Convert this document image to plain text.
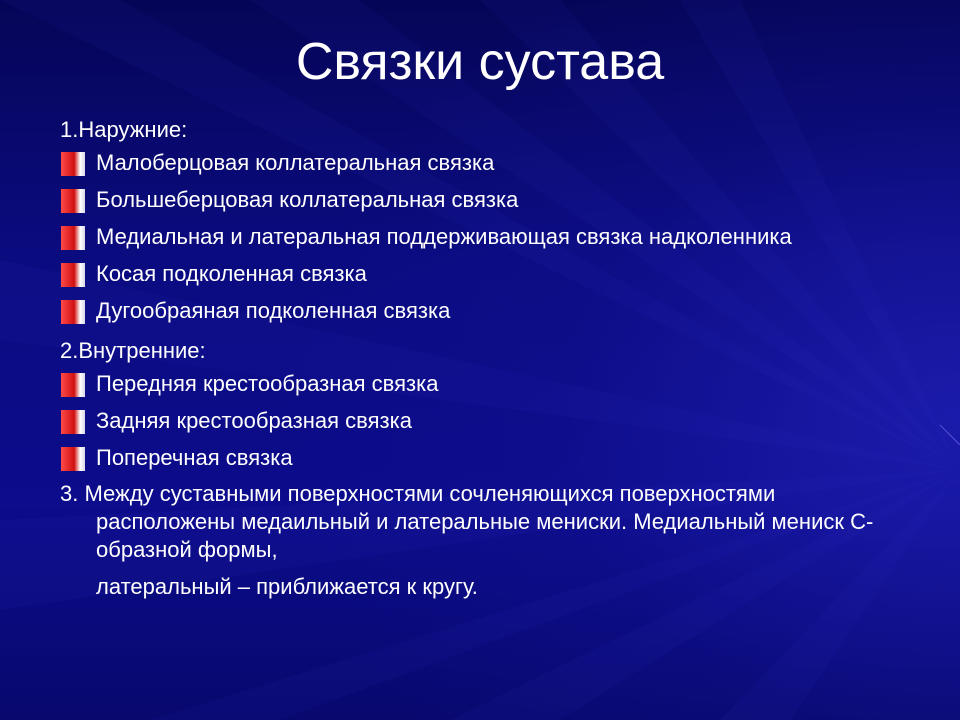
Связки сустава
1.Наружние:
Малоберцовая коллатеральная связка
Большеберцовая коллатеральная связка
Медиальная и латеральная поддерживающая связка надколенника
Косая подколенная связка
Дугообраяная подколенная связка
2.Внутренние:
Передняя крестообразная связка
Задняя крестообразная связка
Поперечная связка
3. Между суставными поверхностями сочленяющихся поверхностями расположены медаильный и латеральные мениски. Медиальный мениск С-образной формы,
латеральный – приближается к кругу.
